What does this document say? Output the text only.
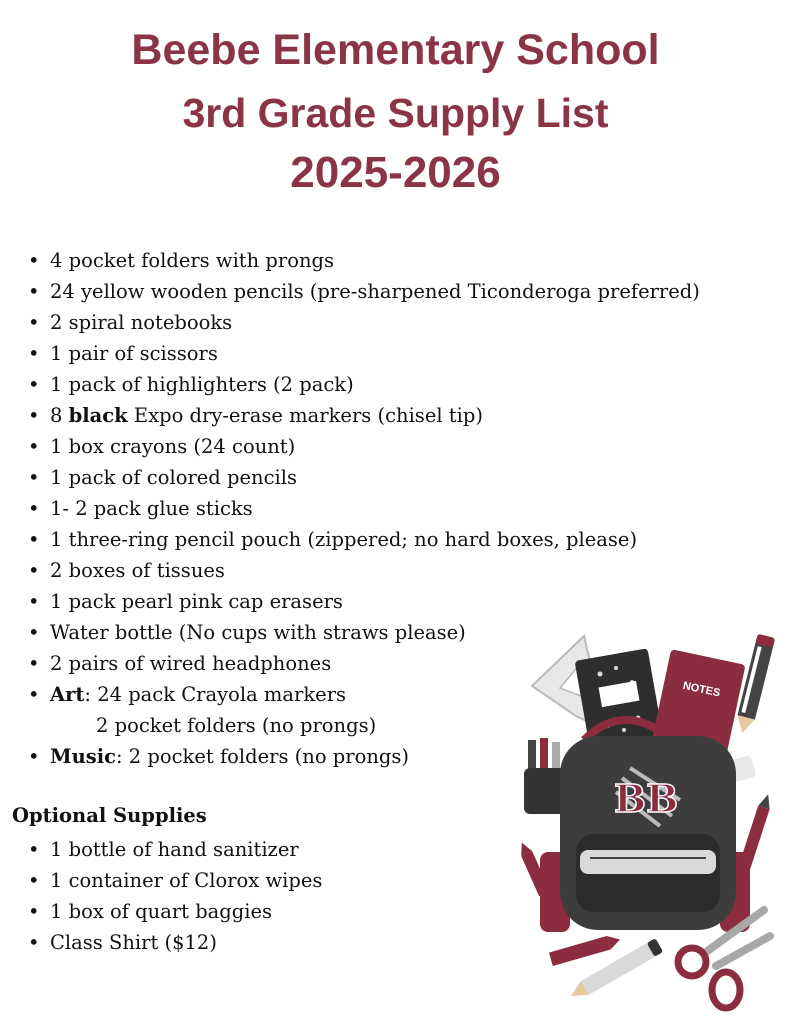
Beebe Elementary School
3rd Grade Supply List
2025-2026
• 4 pocket folders with prongs
• 24 yellow wooden pencils (pre-sharpened Ticonderoga preferred)
• 2 spiral notebooks
• 1 pair of scissors
• 1 pack of highlighters (2 pack)
• 8 black Expo dry-erase markers (chisel tip)
• 1 box crayons (24 count)
• 1 pack of colored pencils
• 1- 2 pack glue sticks
• 1 three-ring pencil pouch (zippered; no hard boxes, please)
• 2 boxes of tissues
• 1 pack pearl pink cap erasers
• Water bottle (No cups with straws please)
• 2 pairs of wired headphones
• Art: 24 pack Crayola markers
2 pocket folders (no prongs)
• Music: 2 pocket folders (no prongs)
Optional Supplies
• 1 bottle of hand sanitizer
• 1 container of Clorox wipes
• 1 box of quart baggies
• Class Shirt ($12)
NOTES
BB
